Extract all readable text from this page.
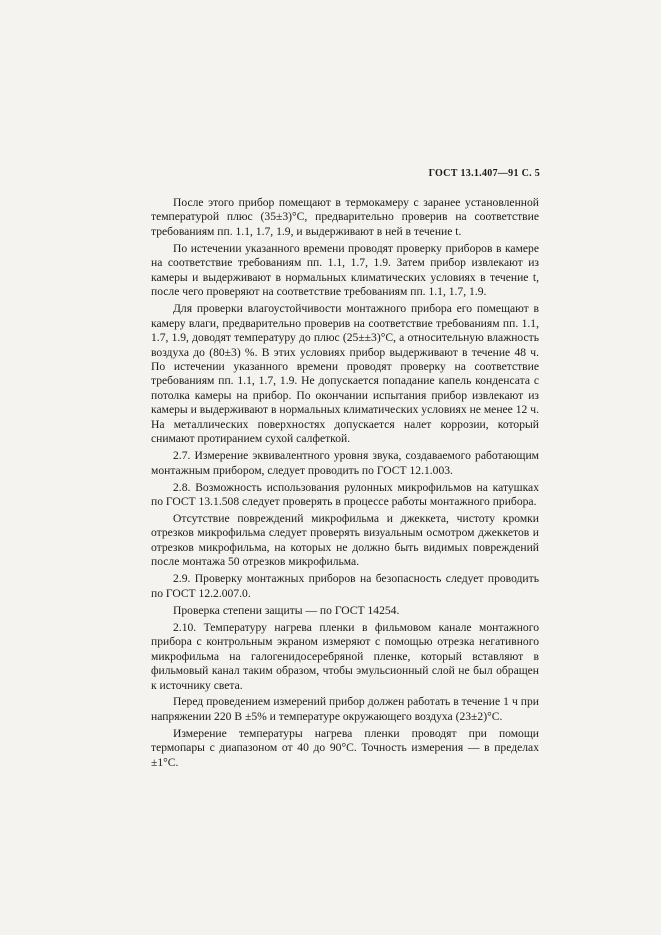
ГОСТ 13.1.407—91 С. 5

После этого прибор помещают в термокамеру с заранее установленной температурой плюс (35±3)°С, предварительно проверив на соответствие требованиям пп. 1.1, 1.7, 1.9, и выдерживают в ней в течение t.

По истечении указанного времени проводят проверку приборов в камере на соответствие требованиям пп. 1.1, 1.7, 1.9. Затем прибор извлекают из камеры и выдерживают в нормальных климатических условиях в течение t, после чего проверяют на соответствие требованиям пп. 1.1, 1.7, 1.9.

Для проверки влагоустойчивости монтажного прибора его помещают в камеру влаги, предварительно проверив на соответствие требованиям пп. 1.1, 1.7, 1.9, доводят температуру до плюс (25±±3)°С, а относительную влажность воздуха до (80±3) %. В этих условиях прибор выдерживают в течение 48 ч. По истечении указанного времени проводят проверку на соответствие требованиям пп. 1.1, 1.7, 1.9. Не допускается попадание капель конденсата с потолка камеры на прибор. По окончании испытания прибор извлекают из камеры и выдерживают в нормальных климатических условиях не менее 12 ч. На металлических поверхностях допускается налет коррозии, который снимают протиранием сухой салфеткой.

2.7. Измерение эквивалентного уровня звука, создаваемого работающим монтажным прибором, следует проводить по ГОСТ 12.1.003.

2.8. Возможность использования рулонных микрофильмов на катушках по ГОСТ 13.1.508 следует проверять в процессе работы монтажного прибора.

Отсутствие повреждений микрофильма и джеккета, чистоту кромки отрезков микрофильма следует проверять визуальным осмотром джеккетов и отрезков микрофильма, на которых не должно быть видимых повреждений после монтажа 50 отрезков микрофильма.

2.9. Проверку монтажных приборов на безопасность следует проводить по ГОСТ 12.2.007.0.

Проверка степени защиты — по ГОСТ 14254.

2.10. Температуру нагрева пленки в фильмовом канале монтажного прибора с контрольным экраном измеряют с помощью отрезка негативного микрофильма на галогенидосеребряной пленке, который вставляют в фильмовый канал таким образом, чтобы эмульсионный слой не был обращен к источнику света.

Перед проведением измерений прибор должен работать в течение 1 ч при напряжении 220 В ±5% и температуре окружающего воздуха (23±2)°С.

Измерение температуры нагрева пленки проводят при помощи термопары с диапазоном от 40 до 90°С. Точность измерения — в пределах ±1°С.
